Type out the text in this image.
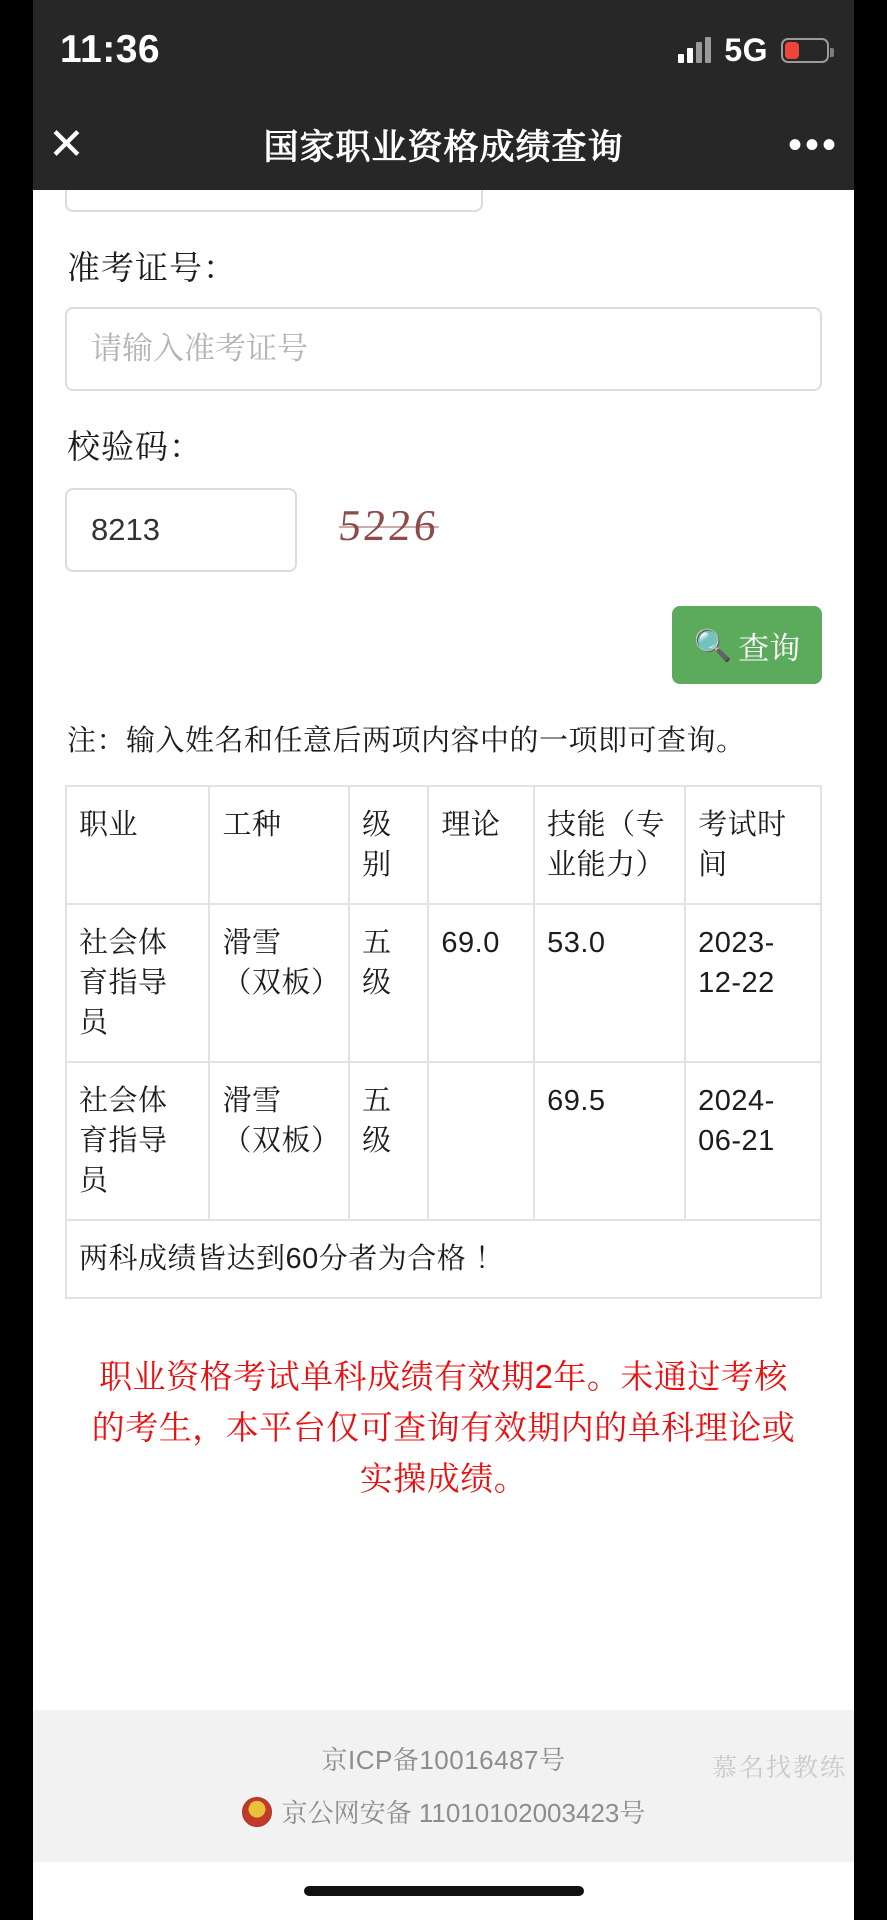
11:36	5G
✕	国家职业资格成绩查询	•••
准考证号：
请输入准考证号
校验码：
8213 5226
🔍 查询
注：输入姓名和任意后两项内容中的一项即可查询。
职业	工种	级别	理论	技能（专业能力）	考试时间
社会体育指导员	滑雪（双板）	五级	69.0	53.0	2023-12-22
社会体育指导员	滑雪（双板）	五级		69.5	2024-06-21
两科成绩皆达到60分者为合格 ！					
职业资格考试单科成绩有效期2年。未通过考核的考生，本平台仅可查询有效期内的单科理论或实操成绩。
京ICP备10016487号
京公网安备 11010102003423号
慕名找教练
